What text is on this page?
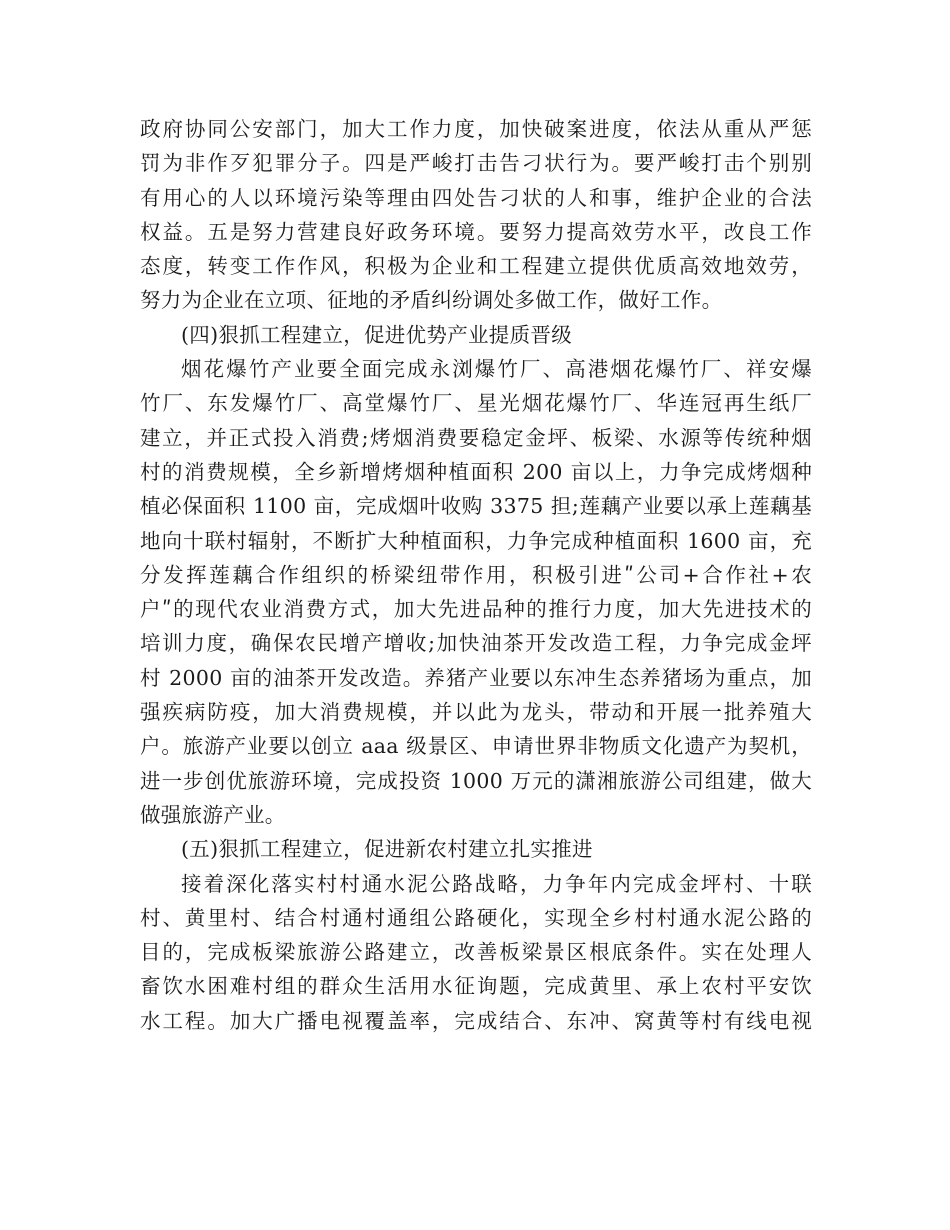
政府协同公安部门，加大工作力度，加快破案进度，依法从重从严惩
罚为非作歹犯罪分子。四是严峻打击告刁状行为。要严峻打击个别别
有用心的人以环境污染等理由四处告刁状的人和事，维护企业的合法
权益。五是努力营建良好政务环境。要努力提高效劳水平，改良工作
态度，转变工作作风，积极为企业和工程建立提供优质高效地效劳，
努力为企业在立项、征地的矛盾纠纷调处多做工作，做好工作。
(四)狠抓工程建立，促进优势产业提质晋级
烟花爆竹产业要全面完成永浏爆竹厂、高港烟花爆竹厂、祥安爆
竹厂、东发爆竹厂、高堂爆竹厂、星光烟花爆竹厂、华连冠再生纸厂
建立，并正式投入消费;烤烟消费要稳定金坪、板梁、水源等传统种烟
村的消费规模，全乡新增烤烟种植面积 200 亩以上，力争完成烤烟种
植必保面积 1100 亩，完成烟叶收购 3375 担;莲藕产业要以承上莲藕基
地向十联村辐射，不断扩大种植面积，力争完成种植面积 1600 亩，充
分发挥莲藕合作组织的桥梁纽带作用，积极引进ʺ公司+合作社+农
户ʺ的现代农业消费方式，加大先进品种的推行力度，加大先进技术的
培训力度，确保农民增产增收;加快油茶开发改造工程，力争完成金坪
村 2000 亩的油茶开发改造。养猪产业要以东冲生态养猪场为重点，加
强疾病防疫，加大消费规模，并以此为龙头，带动和开展一批养殖大
户。旅游产业要以创立 aaa 级景区、申请世界非物质文化遗产为契机，
进一步创优旅游环境，完成投资 1000 万元的潇湘旅游公司组建，做大
做强旅游产业。
(五)狠抓工程建立，促进新农村建立扎实推进
接着深化落实村村通水泥公路战略，力争年内完成金坪村、十联
村、黄里村、结合村通村通组公路硬化，实现全乡村村通水泥公路的
目的，完成板梁旅游公路建立，改善板梁景区根底条件。实在处理人
畜饮水困难村组的群众生活用水征询题，完成黄里、承上农村平安饮
水工程。加大广播电视覆盖率，完成结合、东冲、窝黄等村有线电视
